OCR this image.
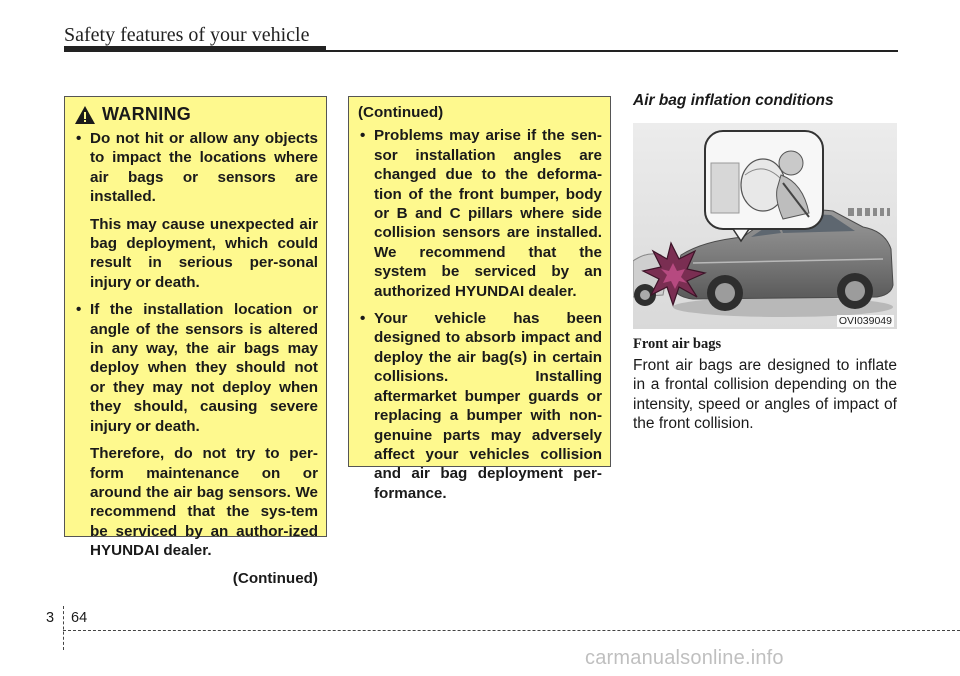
Safety features of your vehicle
WARNING
• Do not hit or allow any objects to impact the locations where air bags or sensors are installed.
This may cause unexpected air bag deployment, which could result in serious per-sonal injury or death.
• If the installation location or angle of the sensors is altered in any way, the air bags may deploy when they should not or they may not deploy when they should, causing severe injury or death.
Therefore, do not try to per-form maintenance on or around the air bag sensors. We recommend that the sys-tem be serviced by an author-ized HYUNDAI dealer.
(Continued)
(Continued)
• Problems may arise if the sen-sor installation angles are changed due to the deforma-tion of the front bumper, body or B and C pillars where side collision sensors are installed. We recommend that the system be serviced by an authorized HYUNDAI dealer.
• Your vehicle has been designed to absorb impact and deploy the air bag(s) in certain collisions. Installing aftermarket bumper guards or replacing a bumper with non-genuine parts may adversely affect your vehicles collision and air bag deployment per-formance.
Air bag inflation conditions
OVI039049
Front air bags
Front air bags are designed to inflate in a frontal collision depending on the intensity, speed or angles of impact of the front collision.
3 64
carmanualsonline.info
